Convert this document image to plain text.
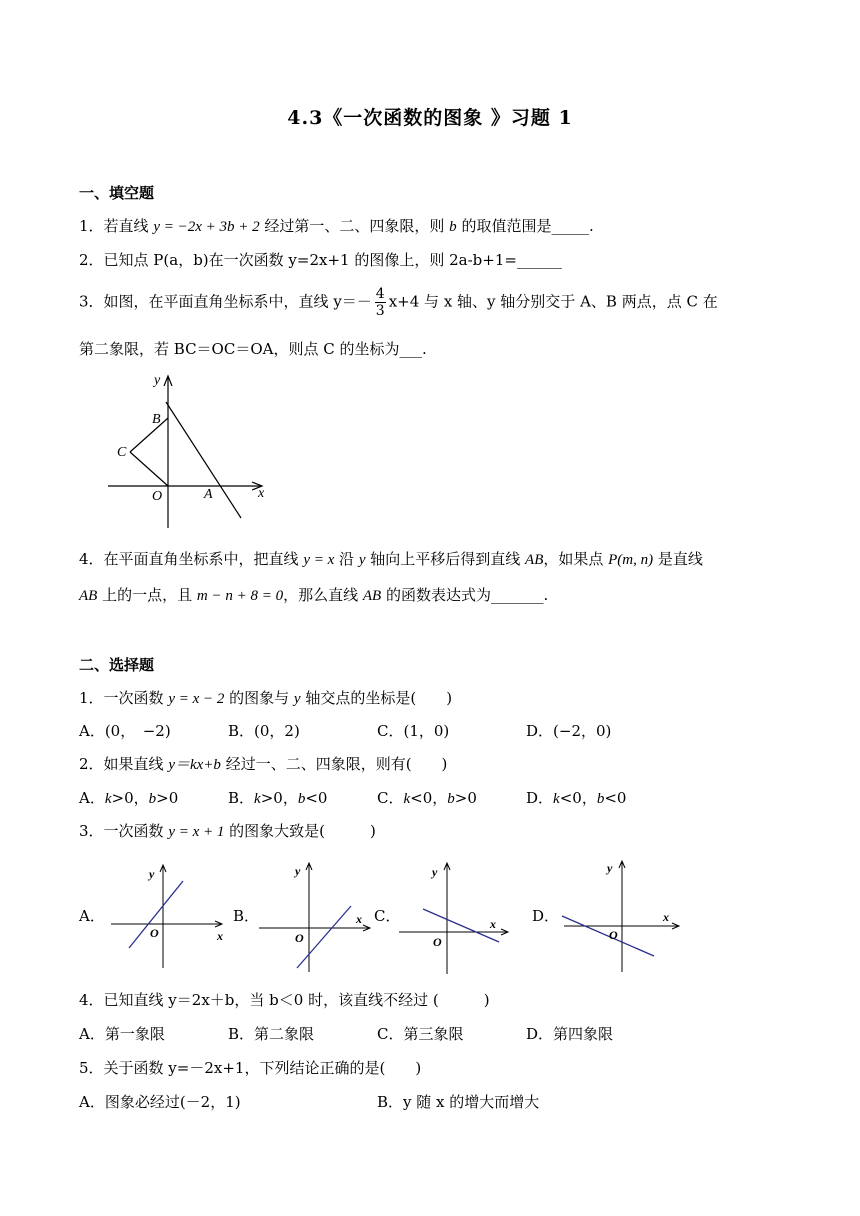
4.3《一次函数的图象 》习题 1
一、填空题
1．若直线 y = −2x + 3b + 2 经过第一、二、四象限，则 b 的取值范围是_____.
2．已知点 P(a，b)在一次函数 y=2x+1 的图像上，则 2a-b+1=______
3．如图，在平面直角坐标系中，直线 $y=- \frac{4}{3} x+4$ 与 x 轴、y 轴分别交于 A、B 两点，点 C 在
第二象限，若 BC＝OC＝OA，则点 C 的坐标为___.
y
x
B
C
O	A
4．在平面直角坐标系中，把直线 y = x 沿 y 轴向上平移后得到直线 AB，如果点 P(m, n) 是直线
AB 上的一点，且 m − n + 8 = 0，那么直线 AB 的函数表达式为_______.
二、选择题
1．一次函数 y = x − 2 的图象与 y 轴交点的坐标是(　　)
A．(0，　−2)	B．(0，2)	C．(1，0)	D．(−2，0)
2．如果直线 y＝kx+b 经过一、二、四象限，则有(　　)
A．k>0，b>0	B．k>0，b<0	C．k<0，b>0	D．k<0，b<0
3．一次函数 y = x + 1 的图象大致是(　　　)
A．	B．	C．	D．
y
x
O
y
x
O
y
x
O
y
x
O
4．已知直线 y＝2x＋b，当 b＜0 时，该直线不经过 (　　　)
A．第一象限	B．第二象限	C．第三象限	D．第四象限
5．关于函数 y=－2x+1，下列结论正确的是(　　)
A．图象必经过(－2，1)	B．y 随 x 的增大而增大
